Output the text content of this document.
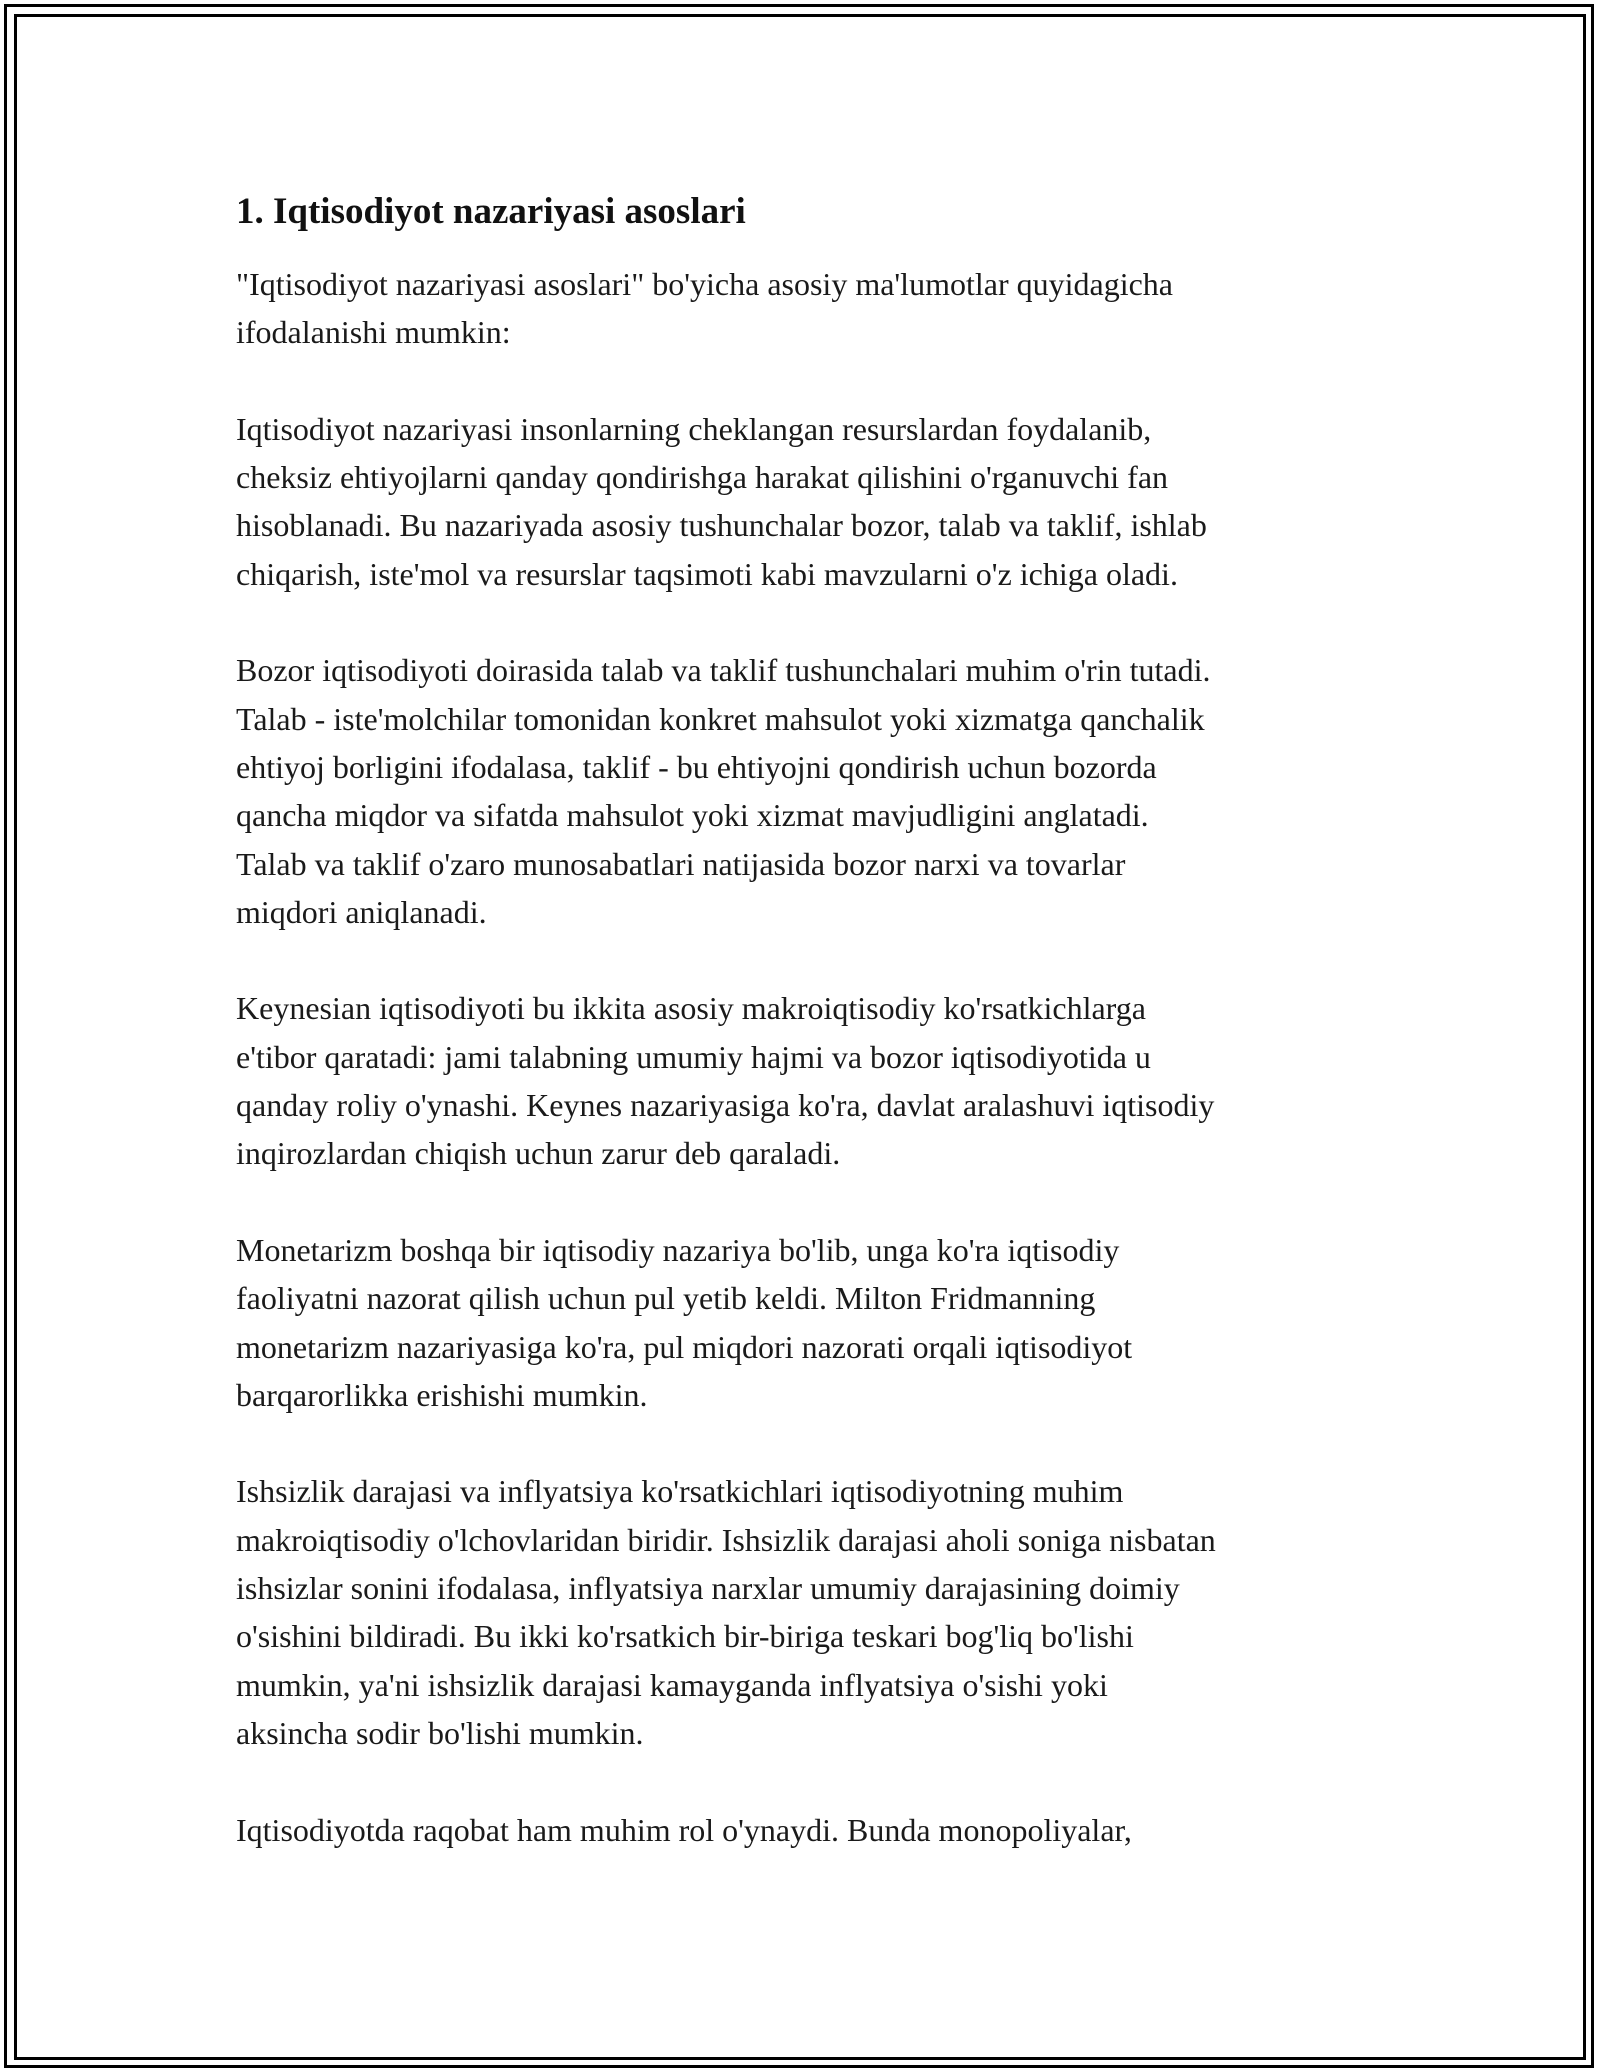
1. Iqtisodiyot nazariyasi asoslari

"Iqtisodiyot nazariyasi asoslari" bo'yicha asosiy ma'lumotlar quyidagicha
ifodalanishi mumkin:

Iqtisodiyot nazariyasi insonlarning cheklangan resurslardan foydalanib,
cheksiz ehtiyojlarni qanday qondirishga harakat qilishini o'rganuvchi fan
hisoblanadi. Bu nazariyada asosiy tushunchalar bozor, talab va taklif, ishlab
chiqarish, iste'mol va resurslar taqsimoti kabi mavzularni o'z ichiga oladi.

Bozor iqtisodiyoti doirasida talab va taklif tushunchalari muhim o'rin tutadi.
Talab - iste'molchilar tomonidan konkret mahsulot yoki xizmatga qanchalik
ehtiyoj borligini ifodalasa, taklif - bu ehtiyojni qondirish uchun bozorda
qancha miqdor va sifatda mahsulot yoki xizmat mavjudligini anglatadi.
Talab va taklif o'zaro munosabatlari natijasida bozor narxi va tovarlar
miqdori aniqlanadi.

Keynesian iqtisodiyoti bu ikkita asosiy makroiqtisodiy ko'rsatkichlarga
e'tibor qaratadi: jami talabning umumiy hajmi va bozor iqtisodiyotida u
qanday roliy o'ynashi. Keynes nazariyasiga ko'ra, davlat aralashuvi iqtisodiy
inqirozlardan chiqish uchun zarur deb qaraladi.

Monetarizm boshqa bir iqtisodiy nazariya bo'lib, unga ko'ra iqtisodiy
faoliyatni nazorat qilish uchun pul yetib keldi. Milton Fridmanning
monetarizm nazariyasiga ko'ra, pul miqdori nazorati orqali iqtisodiyot
barqarorlikka erishishi mumkin.

Ishsizlik darajasi va inflyatsiya ko'rsatkichlari iqtisodiyotning muhim
makroiqtisodiy o'lchovlaridan biridir. Ishsizlik darajasi aholi soniga nisbatan
ishsizlar sonini ifodalasa, inflyatsiya narxlar umumiy darajasining doimiy
o'sishini bildiradi. Bu ikki ko'rsatkich bir-biriga teskari bog'liq bo'lishi
mumkin, ya'ni ishsizlik darajasi kamayganda inflyatsiya o'sishi yoki
aksincha sodir bo'lishi mumkin.

Iqtisodiyotda raqobat ham muhim rol o'ynaydi. Bunda monopoliyalar,
